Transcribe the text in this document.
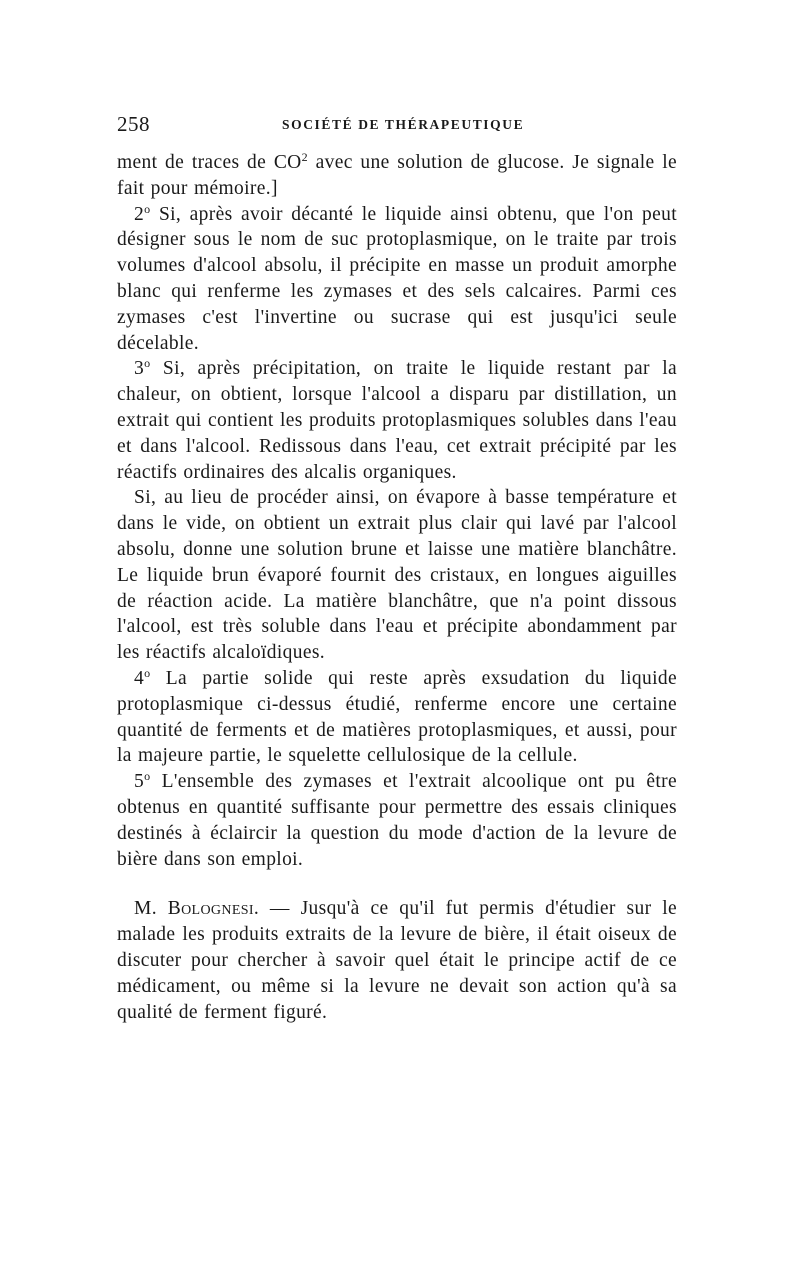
258	SOCIÉTÉ DE THÉRAPEUTIQUE

ment de traces de $CO^2$ avec une solution de glucose. Je signale le fait pour mémoire.]

2$^o$ Si, après avoir décanté le liquide ainsi obtenu, que l'on peut désigner sous le nom de suc protoplasmique, on le traite par trois volumes d'alcool absolu, il précipite en masse un produit amorphe blanc qui renferme les zymases et des sels calcaires. Parmi ces zymases c'est l'invertine ou sucrase qui est jusqu'ici seule décelable.

3$^o$ Si, après précipitation, on traite le liquide restant par la chaleur, on obtient, lorsque l'alcool a disparu par distillation, un extrait qui contient les produits protoplasmiques solubles dans l'eau et dans l'alcool. Redissous dans l'eau, cet extrait précipité par les réactifs ordinaires des alcalis organiques.

Si, au lieu de procéder ainsi, on évapore à basse température et dans le vide, on obtient un extrait plus clair qui lavé par l'alcool absolu, donne une solution brune et laisse une matière blanchâtre. Le liquide brun évaporé fournit des cristaux, en longues aiguilles de réaction acide. La matière blanchâtre, que n'a point dissous l'alcool, est très soluble dans l'eau et précipite abondamment par les réactifs alcaloïdiques.

4$^o$ La partie solide qui reste après exsudation du liquide protoplasmique ci-dessus étudié, renferme encore une certaine quantité de ferments et de matières protoplasmiques, et aussi, pour la majeure partie, le squelette cellulosique de la cellule.

5$^o$ L'ensemble des zymases et l'extrait alcoolique ont pu être obtenus en quantité suffisante pour permettre des essais cliniques destinés à éclaircir la question du mode d'action de la levure de bière dans son emploi.

M. Bolognesi. — Jusqu'à ce qu'il fut permis d'étudier sur le malade les produits extraits de la levure de bière, il était oiseux de discuter pour chercher à savoir quel était le principe actif de ce médicament, ou même si la levure ne devait son action qu'à sa qualité de ferment figuré.
